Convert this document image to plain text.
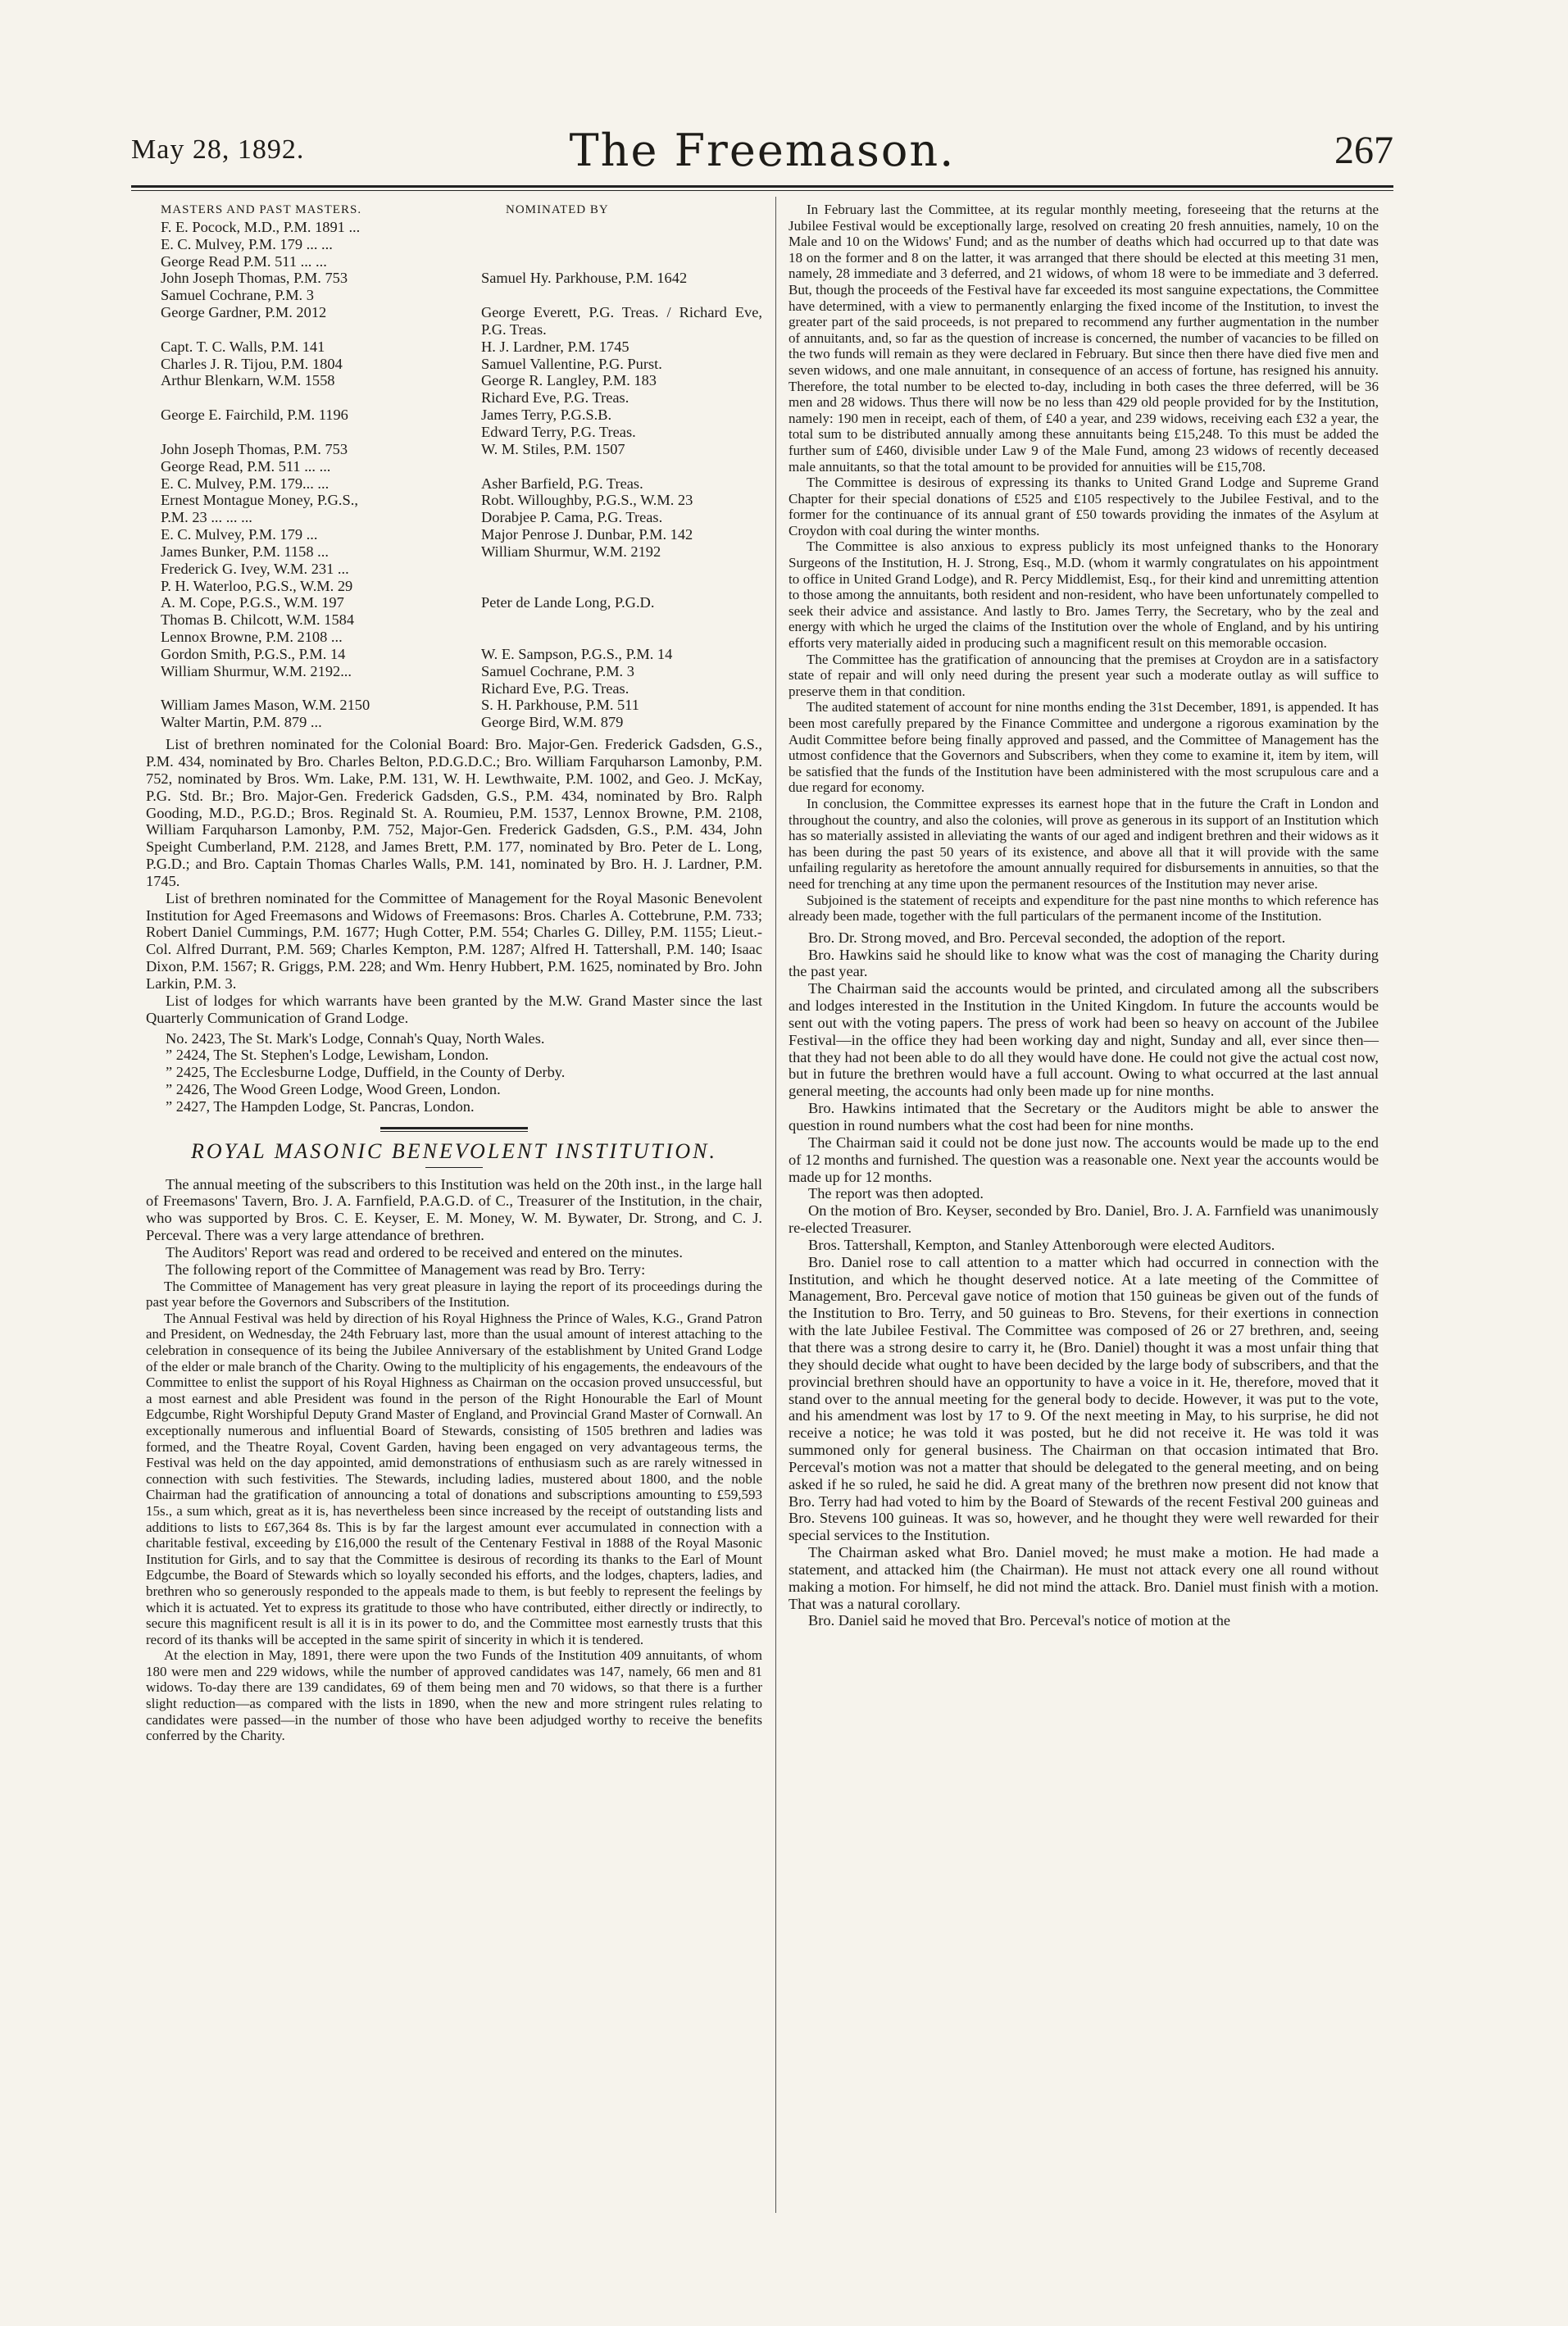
May 28, 1892.	The Freemason.	267
MASTERS AND PAST MASTERS.	NOMINATED BY
F. E. Pocock, M.D., P.M. 1891 ...	
E. C. Mulvey, P.M. 179 ... ...	
George Read P.M. 511 ... ...	
John Joseph Thomas, P.M. 753	Samuel Hy. Parkhouse, P.M. 1642
Samuel Cochrane, P.M. 3	
George Gardner, P.M. 2012	George Everett, P.G. Treas. / Richard Eve, P.G. Treas.
Capt. T. C. Walls, P.M. 141	H. J. Lardner, P.M. 1745
Charles J. R. Tijou, P.M. 1804	Samuel Vallentine, P.G. Purst.
Arthur Blenkarn, W.M. 1558	George R. Langley, P.M. 183
	Richard Eve, P.G. Treas.
George E. Fairchild, P.M. 1196	James Terry, P.G.S.B.
	Edward Terry, P.G. Treas.
John Joseph Thomas, P.M. 753	W. M. Stiles, P.M. 1507
George Read, P.M. 511 ... ...	
E. C. Mulvey, P.M. 179... ...	Asher Barfield, P.G. Treas.
Ernest Montague Money, P.G.S.,	Robt. Willoughby, P.G.S., W.M. 23
P.M. 23 ... ... ...	Dorabjee P. Cama, P.G. Treas.
E. C. Mulvey, P.M. 179 ...	Major Penrose J. Dunbar, P.M. 142
James Bunker, P.M. 1158 ...	William Shurmur, W.M. 2192
Frederick G. Ivey, W.M. 231 ...	
P. H. Waterloo, P.G.S., W.M. 29	
A. M. Cope, P.G.S., W.M. 197	Peter de Lande Long, P.G.D.
Thomas B. Chilcott, W.M. 1584	
Lennox Browne, P.M. 2108 ...	
Gordon Smith, P.G.S., P.M. 14	W. E. Sampson, P.G.S., P.M. 14
William Shurmur, W.M. 2192...	Samuel Cochrane, P.M. 3
	Richard Eve, P.G. Treas.
William James Mason, W.M. 2150	S. H. Parkhouse, P.M. 511
Walter Martin, P.M. 879 ...	George Bird, W.M. 879

List of brethren nominated for the Colonial Board: Bro. Major-Gen. Frederick Gadsden, G.S., P.M. 434, nominated by Bro. Charles Belton, P.D.G.D.C.; Bro. William Farquharson Lamonby, P.M. 752, nominated by Bros. Wm. Lake, P.M. 131, W. H. Lewthwaite, P.M. 1002, and Geo. J. McKay, P.G. Std. Br.; Bro. Major-Gen. Frederick Gadsden, G.S., P.M. 434, nominated by Bro. Ralph Gooding, M.D., P.G.D.; Bros. Reginald St. A. Roumieu, P.M. 1537, Lennox Browne, P.M. 2108, William Farquharson Lamonby, P.M. 752, Major-Gen. Frederick Gadsden, G.S., P.M. 434, John Speight Cumberland, P.M. 2128, and James Brett, P.M. 177, nominated by Bro. Peter de L. Long, P.G.D.; and Bro. Captain Thomas Charles Walls, P.M. 141, nominated by Bro. H. J. Lardner, P.M. 1745.

List of brethren nominated for the Committee of Management for the Royal Masonic Benevolent Institution for Aged Freemasons and Widows of Freemasons: Bros. Charles A. Cottebrune, P.M. 733; Robert Daniel Cummings, P.M. 1677; Hugh Cotter, P.M. 554; Charles G. Dilley, P.M. 1155; Lieut.-Col. Alfred Durrant, P.M. 569; Charles Kempton, P.M. 1287; Alfred H. Tattershall, P.M. 140; Isaac Dixon, P.M. 1567; R. Griggs, P.M. 228; and Wm. Henry Hubbert, P.M. 1625, nominated by Bro. John Larkin, P.M. 3.

List of lodges for which warrants have been granted by the M.W. Grand Master since the last Quarterly Communication of Grand Lodge.

No. 2423, The St. Mark's Lodge, Connah's Quay, North Wales.
” 2424, The St. Stephen's Lodge, Lewisham, London.
” 2425, The Ecclesburne Lodge, Duffield, in the County of Derby.
” 2426, The Wood Green Lodge, Wood Green, London.
” 2427, The Hampden Lodge, St. Pancras, London.
ROYAL MASONIC BENEVOLENT INSTITUTION.

The annual meeting of the subscribers to this Institution was held on the 20th inst., in the large hall of Freemasons' Tavern, Bro. J. A. Farnfield, P.A.G.D. of C., Treasurer of the Institution, in the chair, who was supported by Bros. C. E. Keyser, E. M. Money, W. M. Bywater, Dr. Strong, and C. J. Perceval. There was a very large attendance of brethren.

The Auditors' Report was read and ordered to be received and entered on the minutes.

The following report of the Committee of Management was read by Bro. Terry:

The Committee of Management has very great pleasure in laying the report of its proceedings during the past year before the Governors and Subscribers of the Institution.

The Annual Festival was held by direction of his Royal Highness the Prince of Wales, K.G., Grand Patron and President, on Wednesday, the 24th February last, more than the usual amount of interest attaching to the celebration in consequence of its being the Jubilee Anniversary of the establishment by United Grand Lodge of the elder or male branch of the Charity. Owing to the multiplicity of his engagements, the endeavours of the Committee to enlist the support of his Royal Highness as Chairman on the occasion proved unsuccessful, but a most earnest and able President was found in the person of the Right Honourable the Earl of Mount Edgcumbe, Right Worshipful Deputy Grand Master of England, and Provincial Grand Master of Cornwall. An exceptionally numerous and influential Board of Stewards, consisting of 1505 brethren and ladies was formed, and the Theatre Royal, Covent Garden, having been engaged on very advantageous terms, the Festival was held on the day appointed, amid demonstrations of enthusiasm such as are rarely witnessed in connection with such festivities. The Stewards, including ladies, mustered about 1800, and the noble Chairman had the gratification of announcing a total of donations and subscriptions amounting to £59,593 15s., a sum which, great as it is, has nevertheless been since increased by the receipt of outstanding lists and additions to lists to £67,364 8s. This is by far the largest amount ever accumulated in connection with a charitable festival, exceeding by £16,000 the result of the Centenary Festival in 1888 of the Royal Masonic Institution for Girls, and to say that the Committee is desirous of recording its thanks to the Earl of Mount Edgcumbe, the Board of Stewards which so loyally seconded his efforts, and the lodges, chapters, ladies, and brethren who so generously responded to the appeals made to them, is but feebly to represent the feelings by which it is actuated. Yet to express its gratitude to those who have contributed, either directly or indirectly, to secure this magnificent result is all it is in its power to do, and the Committee most earnestly trusts that this record of its thanks will be accepted in the same spirit of sincerity in which it is tendered.

At the election in May, 1891, there were upon the two Funds of the Institution 409 annuitants, of whom 180 were men and 229 widows, while the number of approved candidates was 147, namely, 66 men and 81 widows. To-day there are 139 candidates, 69 of them being men and 70 widows, so that there is a further slight reduction—as compared with the lists in 1890, when the new and more stringent rules relating to candidates were passed—in the number of those who have been adjudged worthy to receive the benefits conferred by the Charity.

In February last the Committee, at its regular monthly meeting, foreseeing that the returns at the Jubilee Festival would be exceptionally large, resolved on creating 20 fresh annuities, namely, 10 on the Male and 10 on the Widows' Fund; and as the number of deaths which had occurred up to that date was 18 on the former and 8 on the latter, it was arranged that there should be elected at this meeting 31 men, namely, 28 immediate and 3 deferred, and 21 widows, of whom 18 were to be immediate and 3 deferred. But, though the proceeds of the Festival have far exceeded its most sanguine expectations, the Committee have determined, with a view to permanently enlarging the fixed income of the Institution, to invest the greater part of the said proceeds, is not prepared to recommend any further augmentation in the number of annuitants, and, so far as the question of increase is concerned, the number of vacancies to be filled on the two funds will remain as they were declared in February. But since then there have died five men and seven widows, and one male annuitant, in consequence of an access of fortune, has resigned his annuity. Therefore, the total number to be elected to-day, including in both cases the three deferred, will be 36 men and 28 widows. Thus there will now be no less than 429 old people provided for by the Institution, namely: 190 men in receipt, each of them, of £40 a year, and 239 widows, receiving each £32 a year, the total sum to be distributed annually among these annuitants being £15,248. To this must be added the further sum of £460, divisible under Law 9 of the Male Fund, among 23 widows of recently deceased male annuitants, so that the total amount to be provided for annuities will be £15,708.

The Committee is desirous of expressing its thanks to United Grand Lodge and Supreme Grand Chapter for their special donations of £525 and £105 respectively to the Jubilee Festival, and to the former for the continuance of its annual grant of £50 towards providing the inmates of the Asylum at Croydon with coal during the winter months.

The Committee is also anxious to express publicly its most unfeigned thanks to the Honorary Surgeons of the Institution, H. J. Strong, Esq., M.D. (whom it warmly congratulates on his appointment to office in United Grand Lodge), and R. Percy Middlemist, Esq., for their kind and unremitting attention to those among the annuitants, both resident and non-resident, who have been unfortunately compelled to seek their advice and assistance. And lastly to Bro. James Terry, the Secretary, who by the zeal and energy with which he urged the claims of the Institution over the whole of England, and by his untiring efforts very materially aided in producing such a magnificent result on this memorable occasion.

The Committee has the gratification of announcing that the premises at Croydon are in a satisfactory state of repair and will only need during the present year such a moderate outlay as will suffice to preserve them in that condition.

The audited statement of account for nine months ending the 31st December, 1891, is appended. It has been most carefully prepared by the Finance Committee and undergone a rigorous examination by the Audit Committee before being finally approved and passed, and the Committee of Management has the utmost confidence that the Governors and Subscribers, when they come to examine it, item by item, will be satisfied that the funds of the Institution have been administered with the most scrupulous care and a due regard for economy.

In conclusion, the Committee expresses its earnest hope that in the future the Craft in London and throughout the country, and also the colonies, will prove as generous in its support of an Institution which has so materially assisted in alleviating the wants of our aged and indigent brethren and their widows as it has been during the past 50 years of its existence, and above all that it will provide with the same unfailing regularity as heretofore the amount annually required for disbursements in annuities, so that the need for trenching at any time upon the permanent resources of the Institution may never arise.

Subjoined is the statement of receipts and expenditure for the past nine months to which reference has already been made, together with the full particulars of the permanent income of the Institution.

Bro. Dr. Strong moved, and Bro. Perceval seconded, the adoption of the report.

Bro. Hawkins said he should like to know what was the cost of managing the Charity during the past year.

The Chairman said the accounts would be printed, and circulated among all the subscribers and lodges interested in the Institution in the United Kingdom. In future the accounts would be sent out with the voting papers. The press of work had been so heavy on account of the Jubilee Festival—in the office they had been working day and night, Sunday and all, ever since then—that they had not been able to do all they would have done. He could not give the actual cost now, but in future the brethren would have a full account. Owing to what occurred at the last annual general meeting, the accounts had only been made up for nine months.

Bro. Hawkins intimated that the Secretary or the Auditors might be able to answer the question in round numbers what the cost had been for nine months.

The Chairman said it could not be done just now. The accounts would be made up to the end of 12 months and furnished. The question was a reasonable one. Next year the accounts would be made up for 12 months.

The report was then adopted.

On the motion of Bro. Keyser, seconded by Bro. Daniel, Bro. J. A. Farnfield was unanimously re-elected Treasurer.

Bros. Tattershall, Kempton, and Stanley Attenborough were elected Auditors.

Bro. Daniel rose to call attention to a matter which had occurred in connection with the Institution, and which he thought deserved notice. At a late meeting of the Committee of Management, Bro. Perceval gave notice of motion that 150 guineas be given out of the funds of the Institution to Bro. Terry, and 50 guineas to Bro. Stevens, for their exertions in connection with the late Jubilee Festival. The Committee was composed of 26 or 27 brethren, and, seeing that there was a strong desire to carry it, he (Bro. Daniel) thought it was a most unfair thing that they should decide what ought to have been decided by the large body of subscribers, and that the provincial brethren should have an opportunity to have a voice in it. He, therefore, moved that it stand over to the annual meeting for the general body to decide. However, it was put to the vote, and his amendment was lost by 17 to 9. Of the next meeting in May, to his surprise, he did not receive a notice; he was told it was posted, but he did not receive it. He was told it was summoned only for general business. The Chairman on that occasion intimated that Bro. Perceval's motion was not a matter that should be delegated to the general meeting, and on being asked if he so ruled, he said he did. A great many of the brethren now present did not know that Bro. Terry had had voted to him by the Board of Stewards of the recent Festival 200 guineas and Bro. Stevens 100 guineas. It was so, however, and he thought they were well rewarded for their special services to the Institution.

The Chairman asked what Bro. Daniel moved; he must make a motion. He had made a statement, and attacked him (the Chairman). He must not attack every one all round without making a motion. For himself, he did not mind the attack. Bro. Daniel must finish with a motion. That was a natural corollary.

Bro. Daniel said he moved that Bro. Perceval's notice of motion at the
